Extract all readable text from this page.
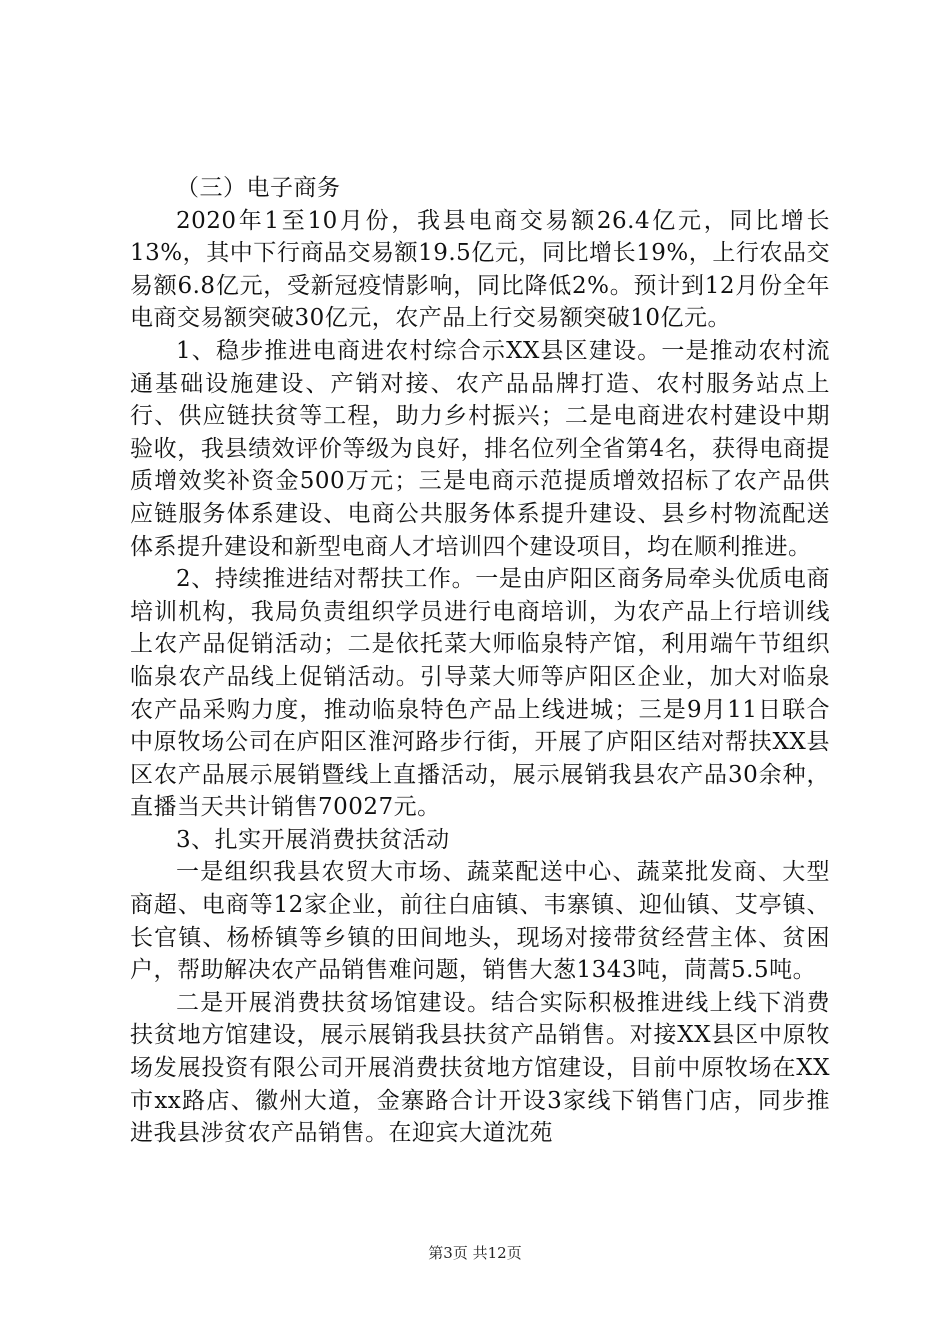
（三）电子商务

2020年1至10月份，我县电商交易额26.4亿元，同比增长13%，其中下行商品交易额19.5亿元，同比增长19%，上行农品交易额6.8亿元，受新冠疫情影响，同比降低2%。预计到12月份全年电商交易额突破30亿元，农产品上行交易额突破10亿元。

1、稳步推进电商进农村综合示XX县区建设。一是推动农村流通基础设施建设、产销对接、农产品品牌打造、农村服务站点上行、供应链扶贫等工程，助力乡村振兴；二是电商进农村建设中期验收，我县绩效评价等级为良好，排名位列全省第4名，获得电商提质增效奖补资金500万元；三是电商示范提质增效招标了农产品供应链服务体系建设、电商公共服务体系提升建设、县乡村物流配送体系提升建设和新型电商人才培训四个建设项目，均在顺利推进。

2、持续推进结对帮扶工作。一是由庐阳区商务局牵头优质电商培训机构，我局负责组织学员进行电商培训，为农产品上行培训线上农产品促销活动；二是依托菜大师临泉特产馆，利用端午节组织临泉农产品线上促销活动。引导菜大师等庐阳区企业，加大对临泉农产品采购力度，推动临泉特色产品上线进城；三是9月11日联合中原牧场公司在庐阳区淮河路步行街，开展了庐阳区结对帮扶XX县区农产品展示展销暨线上直播活动，展示展销我县农产品30余种，直播当天共计销售70027元。

3、扎实开展消费扶贫活动

一是组织我县农贸大市场、蔬菜配送中心、蔬菜批发商、大型商超、电商等12家企业，前往白庙镇、韦寨镇、迎仙镇、艾亭镇、长官镇、杨桥镇等乡镇的田间地头，现场对接带贫经营主体、贫困户，帮助解决农产品销售难问题，销售大葱1343吨，茼蒿5.5吨。

二是开展消费扶贫场馆建设。结合实际积极推进线上线下消费扶贫地方馆建设，展示展销我县扶贫产品销售。对接XX县区中原牧场发展投资有限公司开展消费扶贫地方馆建设，目前中原牧场在XX市xx路店、徽州大道，金寨路合计开设3家线下销售门店，同步推进我县涉贫农产品销售。在迎宾大道沈苑

第3页 共12页
